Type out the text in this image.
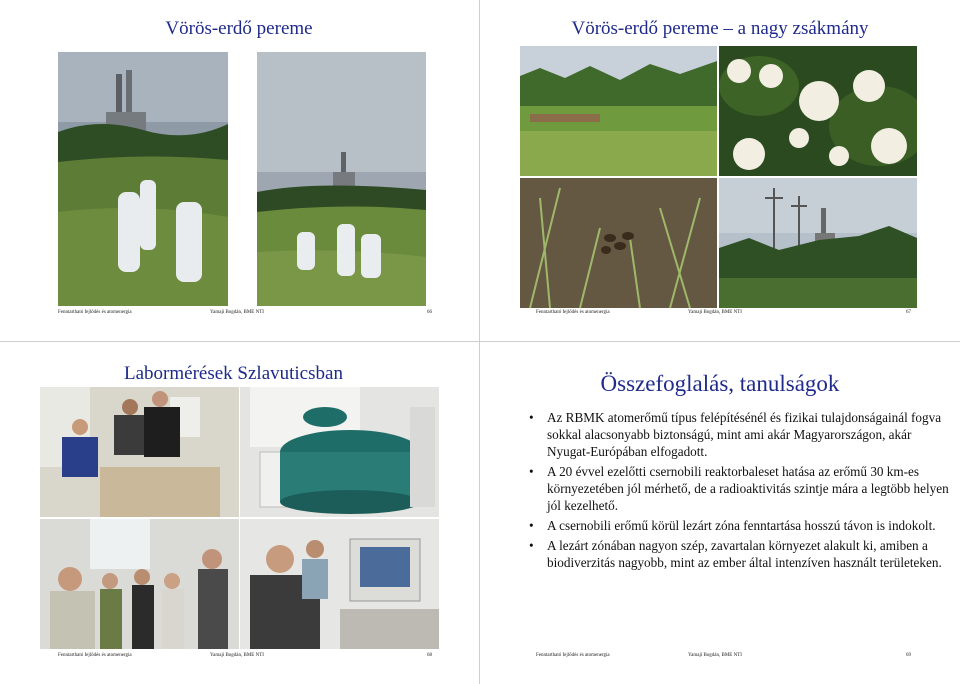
Vörös-erdő pereme
Fenntartható fejlődés és atomenergia	Yamaji Bogdán, BME NTI	66
Vörös-erdő pereme – a nagy zsákmány
Fenntartható fejlődés és atomenergia	Yamaji Bogdán, BME NTI	67
Labormérések Szlavuticsban
Fenntartható fejlődés és atomenergia	Yamaji Bogdán, BME NTI	68
Összefoglalás, tanulságok
• Az RBMK atomerőmű típus felépítésénél és fizikai tulajdonságainál fogva sokkal alacsonyabb biztonságú, mint ami akár Magyarországon, akár Nyugat-Európában elfogadott.
• A 20 évvel ezelőtti csernobili reaktorbaleset hatása az erőmű 30 km-es környezetében jól mérhető, de a radioaktivitás szintje mára a legtöbb helyen jól kezelhető.
• A csernobili erőmű körül lezárt zóna fenntartása hosszú távon is indokolt.
• A lezárt zónában nagyon szép, zavartalan környezet alakult ki, amiben a biodiverzitás nagyobb, mint az ember által intenzíven használt területeken.
Fenntartható fejlődés és atomenergia	Yamaji Bogdán, BME NTI	69
